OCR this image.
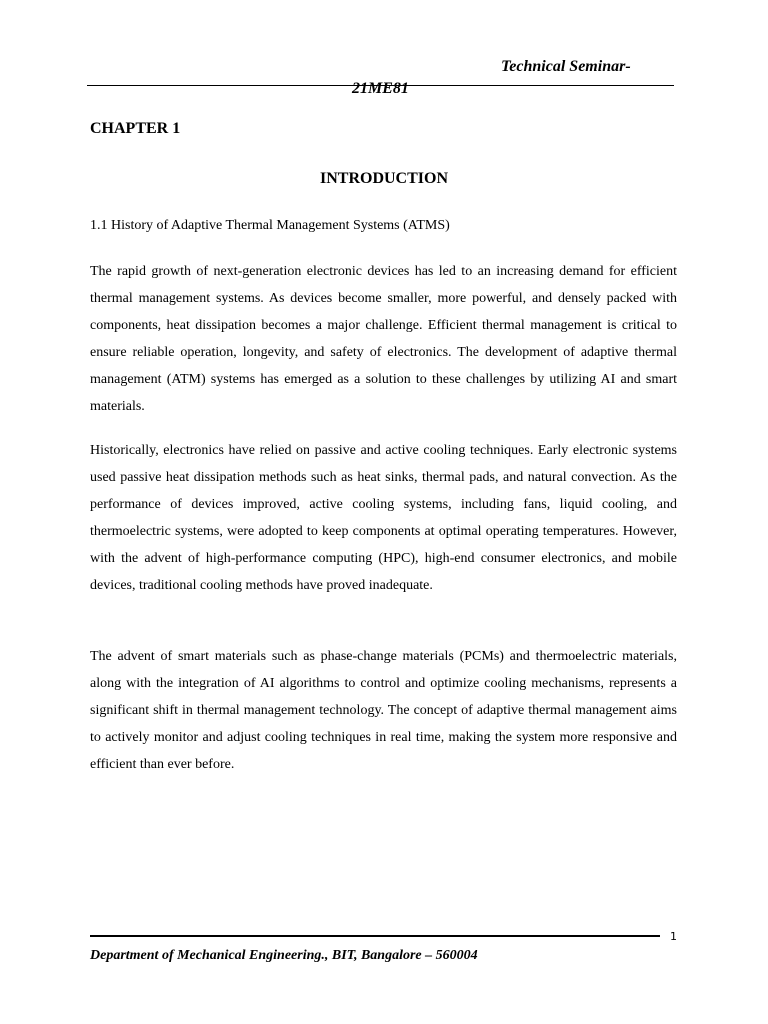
Technical Seminar-
21ME81
CHAPTER 1
INTRODUCTION
1.1 History of Adaptive Thermal Management Systems (ATMS)

The rapid growth of next-generation electronic devices has led to an increasing demand for efficient thermal management systems. As devices become smaller, more powerful, and densely packed with components, heat dissipation becomes a major challenge. Efficient thermal management is critical to ensure reliable operation, longevity, and safety of electronics. The development of adaptive thermal management (ATM) systems has emerged as a solution to these challenges by utilizing AI and smart materials.

Historically, electronics have relied on passive and active cooling techniques. Early electronic systems used passive heat dissipation methods such as heat sinks, thermal pads, and natural convection. As the performance of devices improved, active cooling systems, including fans, liquid cooling, and thermoelectric systems, were adopted to keep components at optimal operating temperatures. However, with the advent of high-performance computing (HPC), high-end consumer electronics, and mobile devices, traditional cooling methods have proved inadequate.

The advent of smart materials such as phase-change materials (PCMs) and thermoelectric materials, along with the integration of AI algorithms to control and optimize cooling mechanisms, represents a significant shift in thermal management technology. The concept of adaptive thermal management aims to actively monitor and adjust cooling techniques in real time, making the system more responsive and efficient than ever before.

1
Department of Mechanical Engineering., BIT, Bangalore – 560004
